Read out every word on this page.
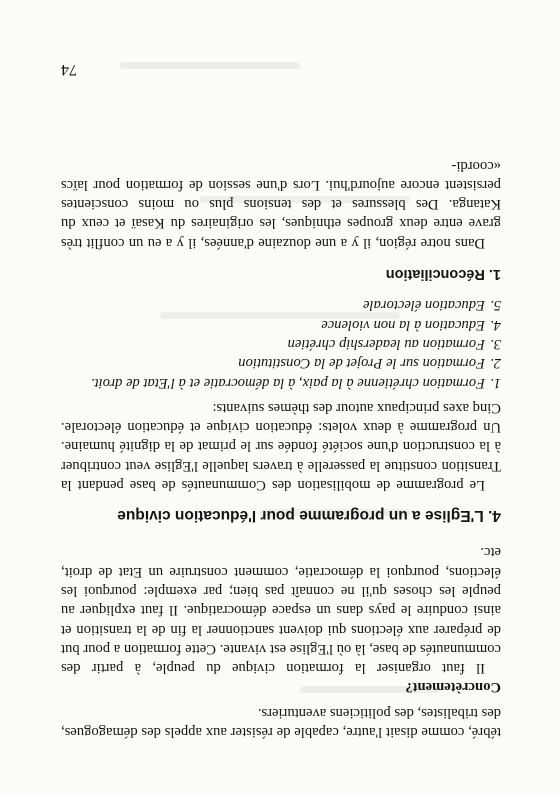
tébré, comme disait l'autre, capable de résister aux appels des démagogues, des tribalistes, des politiciens aventuriers.

Concrètement?

Il faut organiser la formation civique du peuple, à partir des communautés de base, là où l'Eglise est vivante. Cette formation a pour but de préparer aux élections qui doivent sanctionner la fin de la transition et ainsi conduire le pays dans un espace démocratique. Il faut expliquer au peuple les choses qu'il ne connaît pas bien; par exemple: pourquoi les élections, pourquoi la démocratie, comment construire un Etat de droit, etc.

4. L'Eglise a un programme pour l'éducation civique

Le programme de mobilisation des Communautés de base pendant la Transition constitue la passerelle à travers laquelle l'Eglise veut contribuer à la construction d'une société fondée sur le primat de la dignité humaine. Un programme à deux volets: éducation civique et éducation électorale. Cinq axes principaux autour des thèmes suivants:

1.
Formation chrétienne à la paix, à la démocratie et à l'Etat de droit.
2.
Formation sur le Projet de la Constitution
3.
Formation au leadership chrétien
4.
Education à la non violence
5.
Education électorale
1. Réconciliation

Dans notre région, il y a une douzaine d'années, il y a eu un conflit très grave entre deux groupes ethniques, les originaires du Kasaï et ceux du Katanga. Des blessures et des tensions plus ou moins conscientes persistent encore aujourd'hui. Lors d'une session de formation pour laïcs «coordi-

74
